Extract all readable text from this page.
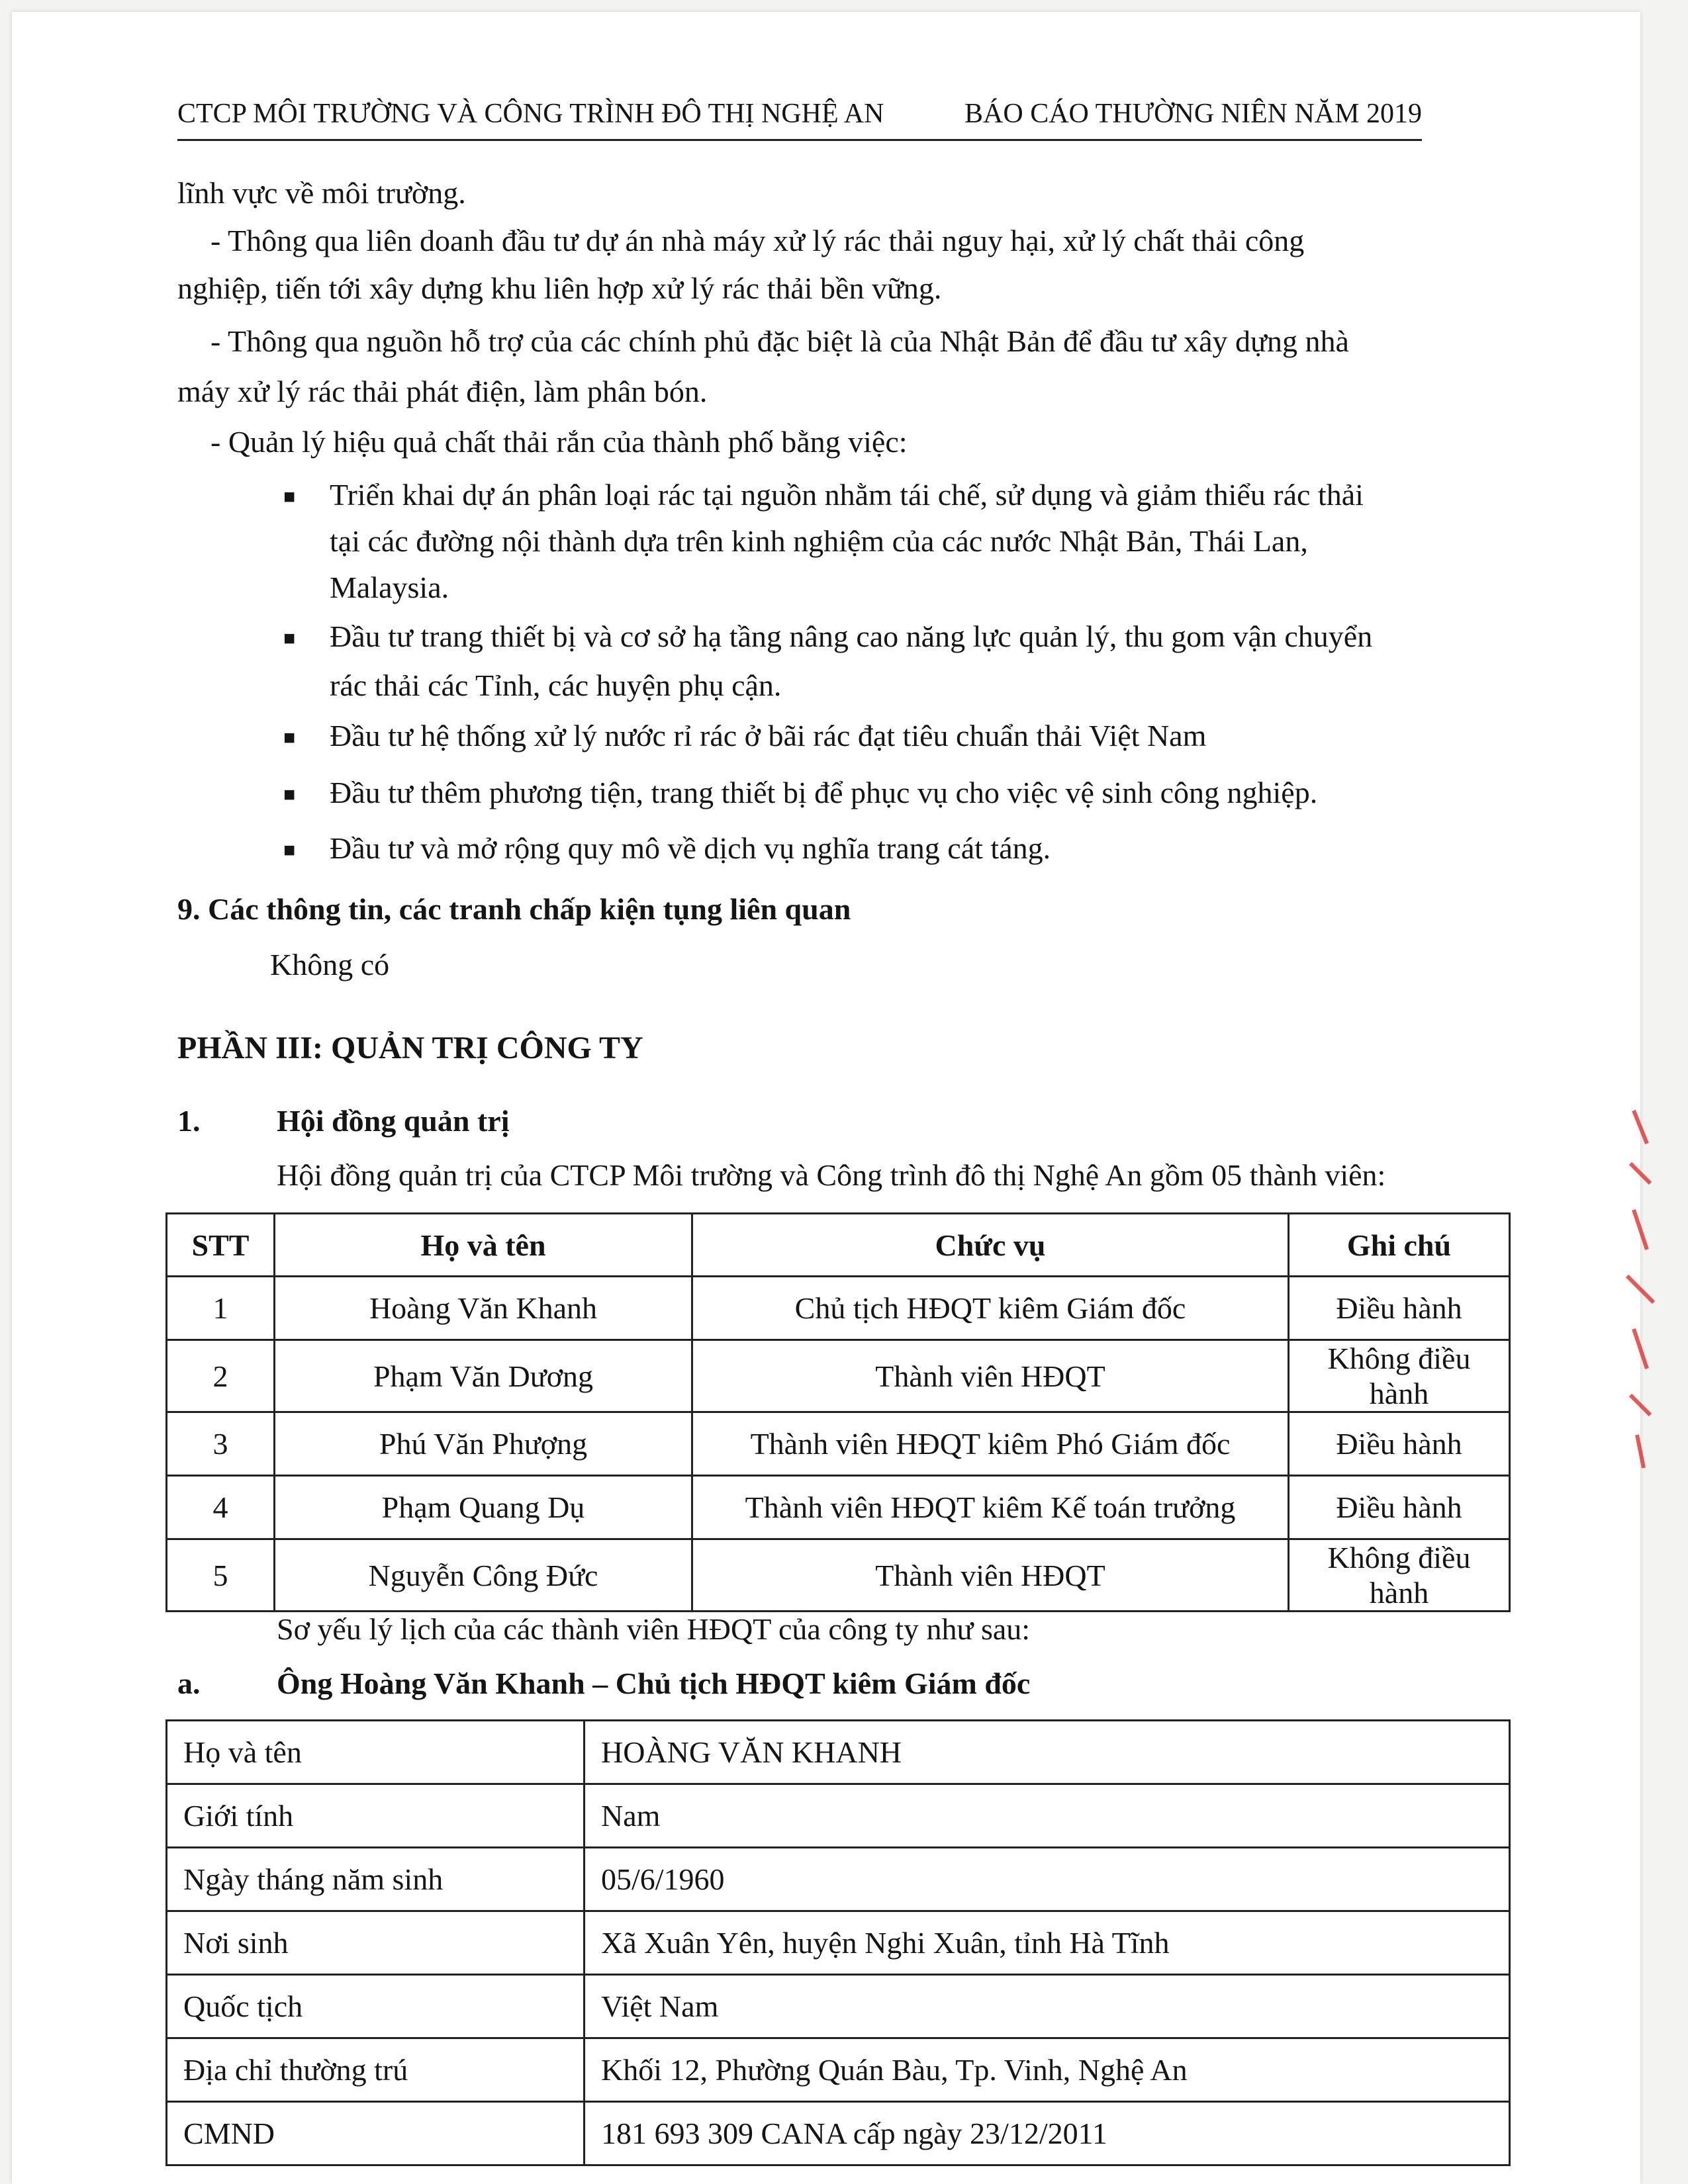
CTCP MÔI TRƯỜNG VÀ CÔNG TRÌNH ĐÔ THỊ NGHỆ AN	BÁO CÁO THƯỜNG NIÊN NĂM 2019
lĩnh vực về môi trường.
- Thông qua liên doanh đầu tư dự án nhà máy xử lý rác thải nguy hại, xử lý chất thải công
nghiệp, tiến tới xây dựng khu liên hợp xử lý rác thải bền vững.
- Thông qua nguồn hỗ trợ của các chính phủ đặc biệt là của Nhật Bản để đầu tư xây dựng nhà
máy xử lý rác thải phát điện, làm phân bón.
- Quản lý hiệu quả chất thải rắn của thành phố bằng việc:
■ Triển khai dự án phân loại rác tại nguồn nhằm tái chế, sử dụng và giảm thiểu rác thải
tại các đường nội thành dựa trên kinh nghiệm của các nước Nhật Bản, Thái Lan,
Malaysia.
■ Đầu tư trang thiết bị và cơ sở hạ tầng nâng cao năng lực quản lý, thu gom vận chuyển
rác thải các Tỉnh, các huyện phụ cận.
■ Đầu tư hệ thống xử lý nước rỉ rác ở bãi rác đạt tiêu chuẩn thải Việt Nam
■ Đầu tư thêm phương tiện, trang thiết bị để phục vụ cho việc vệ sinh công nghiệp.
■ Đầu tư và mở rộng quy mô về dịch vụ nghĩa trang cát táng.
9. Các thông tin, các tranh chấp kiện tụng liên quan
Không có
PHẦN III: QUẢN TRỊ CÔNG TY
1.	Hội đồng quản trị
Hội đồng quản trị của CTCP Môi trường và Công trình đô thị Nghệ An gồm 05 thành viên:
STT	Họ và tên	Chức vụ	Ghi chú
1	Hoàng Văn Khanh	Chủ tịch HĐQT kiêm Giám đốc	Điều hành
2	Phạm Văn Dương	Thành viên HĐQT	Không điều hành
3	Phú Văn Phượng	Thành viên HĐQT kiêm Phó Giám đốc	Điều hành
4	Phạm Quang Dụ	Thành viên HĐQT kiêm Kế toán trưởng	Điều hành
5	Nguyễn Công Đức	Thành viên HĐQT	Không điều hành
Sơ yếu lý lịch của các thành viên HĐQT của công ty như sau:
a.	Ông Hoàng Văn Khanh – Chủ tịch HĐQT kiêm Giám đốc
Họ và tên	HOÀNG VĂN KHANH
Giới tính	Nam
Ngày tháng năm sinh	05/6/1960
Nơi sinh	Xã Xuân Yên, huyện Nghi Xuân, tỉnh Hà Tĩnh
Quốc tịch	Việt Nam
Địa chỉ thường trú	Khối 12, Phường Quán Bàu, Tp. Vinh, Nghệ An
CMND	181 693 309 CANA cấp ngày 23/12/2011
